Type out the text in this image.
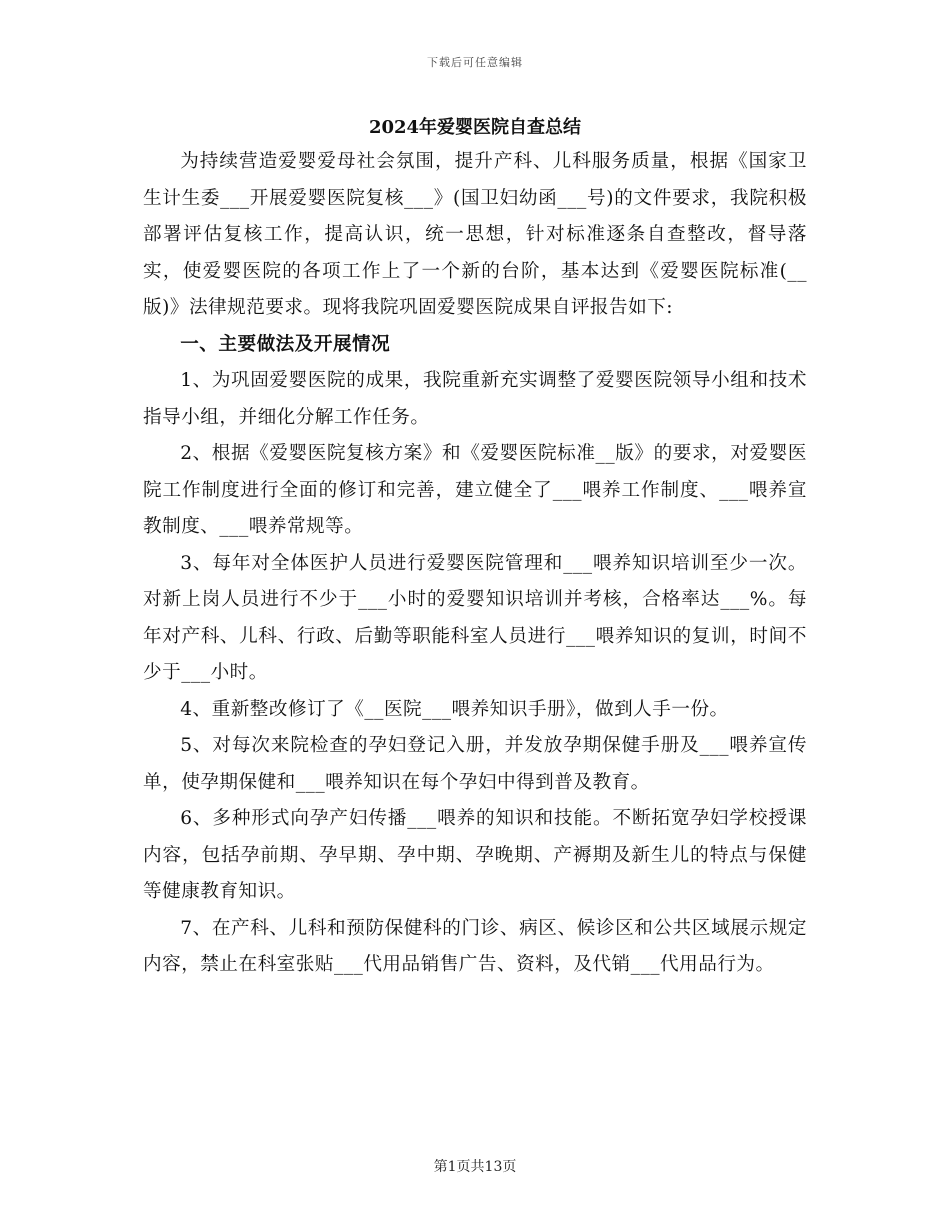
下载后可任意编辑
2024年爱婴医院自查总结

为持续营造爱婴爱母社会氛围，提升产科、儿科服务质量，根据《国家卫生计生委___开展爱婴医院复核___》(国卫妇幼函___号)的文件要求，我院积极部署评估复核工作，提高认识，统一思想，针对标准逐条自查整改，督导落实，使爱婴医院的各项工作上了一个新的台阶，基本达到《爱婴医院标准(__版)》法律规范要求。现将我院巩固爱婴医院成果自评报告如下:

一、主要做法及开展情况

1、为巩固爱婴医院的成果，我院重新充实调整了爱婴医院领导小组和技术指导小组，并细化分解工作任务。

2、根据《爱婴医院复核方案》和《爱婴医院标准__版》的要求，对爱婴医院工作制度进行全面的修订和完善，建立健全了___喂养工作制度、___喂养宣教制度、___喂养常规等。

3、每年对全体医护人员进行爱婴医院管理和___喂养知识培训至少一次。对新上岗人员进行不少于___小时的爱婴知识培训并考核，合格率达___%。每年对产科、儿科、行政、后勤等职能科室人员进行___喂养知识的复训，时间不少于___小时。

4、重新整改修订了《__医院___喂养知识手册》，做到人手一份。

5、对每次来院检查的孕妇登记入册，并发放孕期保健手册及___喂养宣传单，使孕期保健和___喂养知识在每个孕妇中得到普及教育。

6、多种形式向孕产妇传播___喂养的知识和技能。不断拓宽孕妇学校授课内容，包括孕前期、孕早期、孕中期、孕晚期、产褥期及新生儿的特点与保健等健康教育知识。

7、在产科、儿科和预防保健科的门诊、病区、候诊区和公共区域展示规定内容，禁止在科室张贴___代用品销售广告、资料，及代销___代用品行为。

第1页共13页
